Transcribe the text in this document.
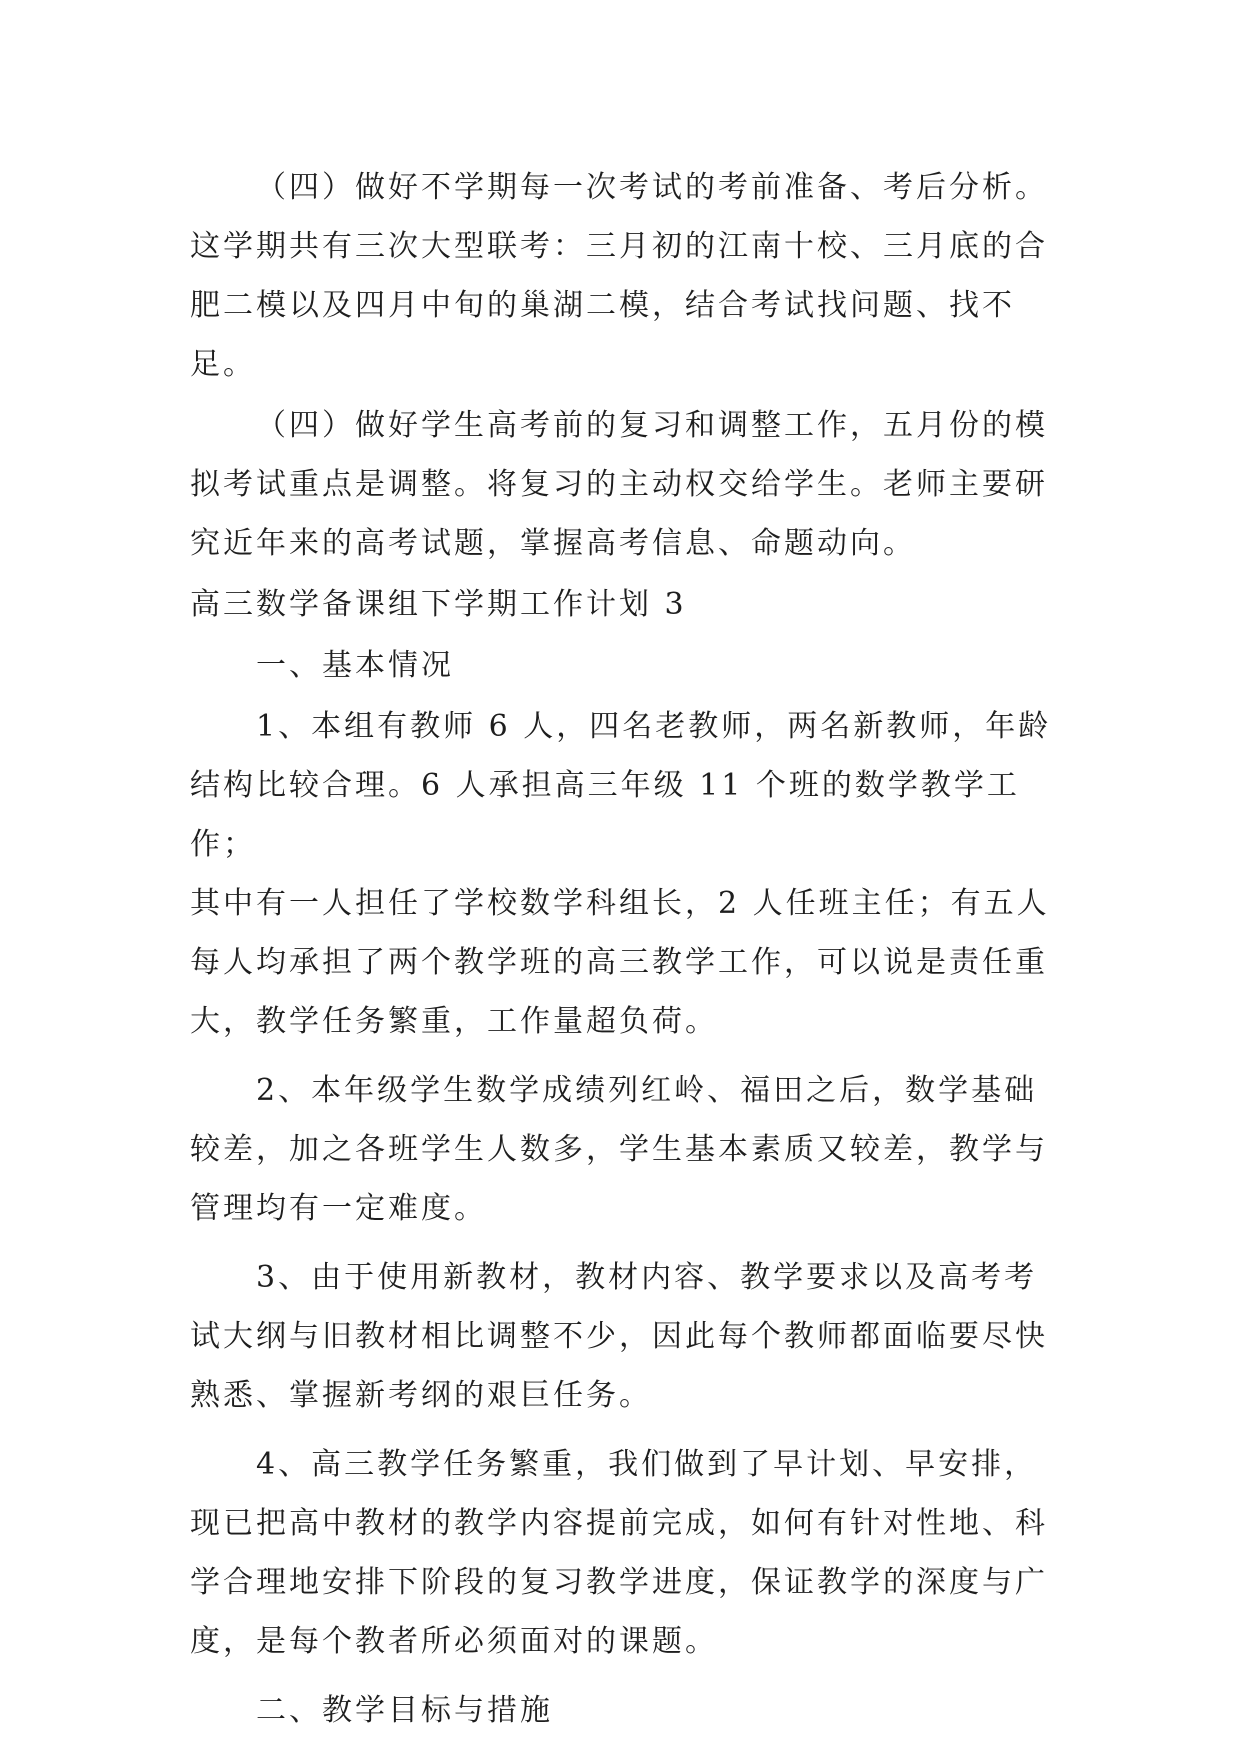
（四）做好不学期每一次考试的考前准备、考后分析。
这学期共有三次大型联考：三月初的江南十校、三月底的合
肥二模以及四月中旬的巢湖二模，结合考试找问题、找不足。

（四）做好学生高考前的复习和调整工作，五月份的模
拟考试重点是调整。将复习的主动权交给学生。老师主要研
究近年来的高考试题，掌握高考信息、命题动向。

高三数学备课组下学期工作计划 3

一、基本情况

1、本组有教师 6 人，四名老教师，两名新教师，年龄
结构比较合理。6 人承担高三年级 11 个班的数学教学工作；
其中有一人担任了学校数学科组长，2 人任班主任；有五人
每人均承担了两个教学班的高三教学工作，可以说是责任重
大，教学任务繁重，工作量超负荷。

2、本年级学生数学成绩列红岭、福田之后，数学基础
较差，加之各班学生人数多，学生基本素质又较差，教学与
管理均有一定难度。

3、由于使用新教材，教材内容、教学要求以及高考考
试大纲与旧教材相比调整不少，因此每个教师都面临要尽快
熟悉、掌握新考纲的艰巨任务。

4、高三教学任务繁重，我们做到了早计划、早安排，
现已把高中教材的教学内容提前完成，如何有针对性地、科
学合理地安排下阶段的复习教学进度，保证教学的深度与广
度，是每个教者所必须面对的课题。

二、教学目标与措施
